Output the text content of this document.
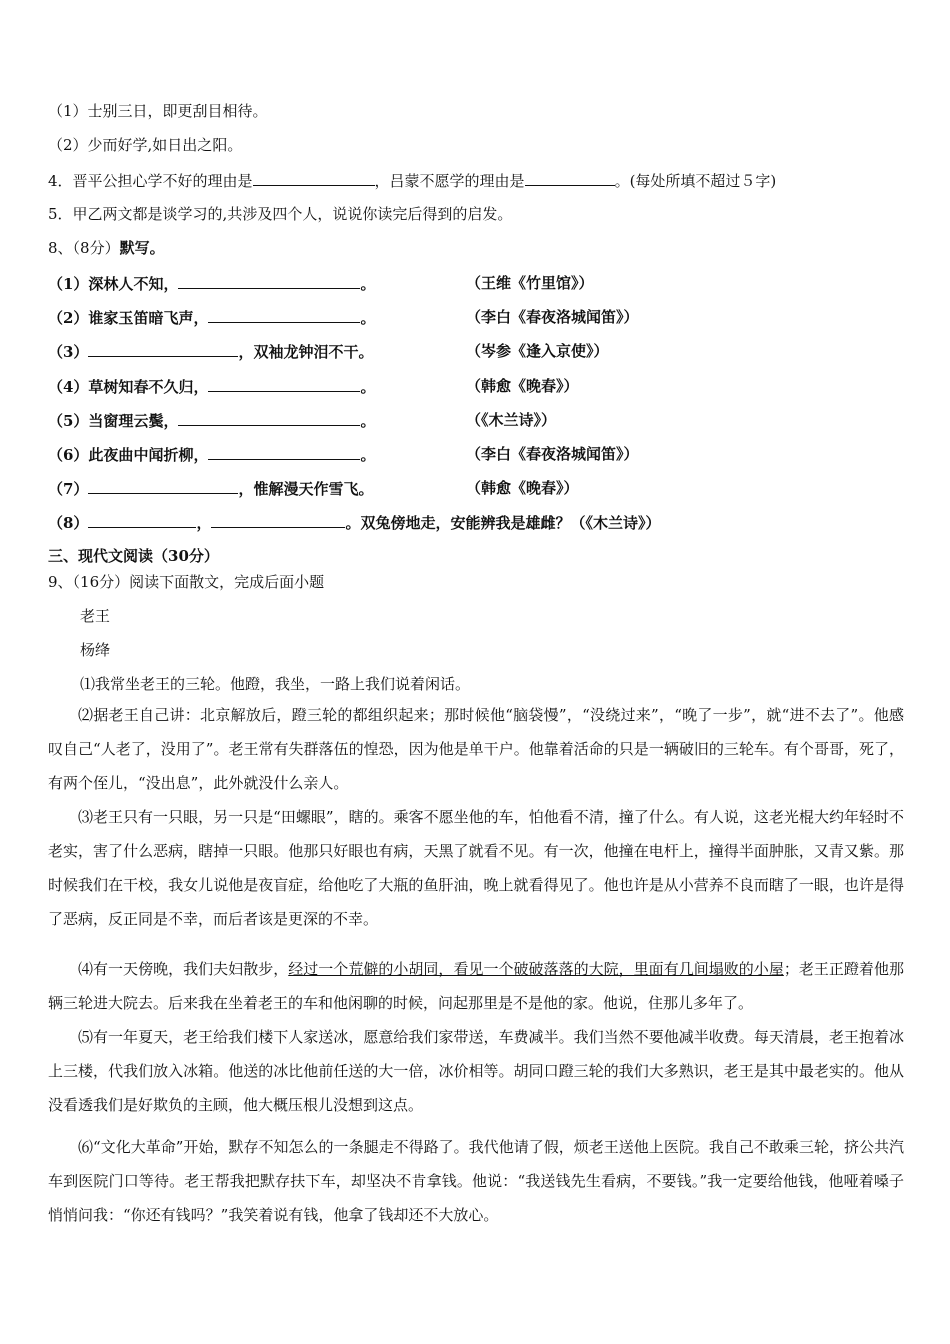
（1）士别三日，即更刮目相待。
（2）少而好学,如日出之阳。
4．晋平公担心学不好的理由是	，吕蒙不愿学的理由是	。(每处所填不超过５字)
5．甲乙两文都是谈学习的,共涉及四个人，说说你读完后得到的启发。
8、（8分）默写。
（1）深林人不知，	。	（王维《竹里馆》）
（2）谁家玉笛暗飞声，	。	（李白《春夜洛城闻笛》）
（3）	，双袖龙钟泪不干。	（岑参《逢入京使》）
（4）草树知春不久归，	。	（韩愈《晚春》）
（5）当窗理云鬓，	。	（《木兰诗》）
（6）此夜曲中闻折柳，	。	（李白《春夜洛城闻笛》）
（7）	，惟解漫天作雪飞。	（韩愈《晚春》）
（8）	，	。双兔傍地走，安能辨我是雄雌？（《木兰诗》）
三、现代文阅读（30分）
9、（16分）阅读下面散文，完成后面小题
老王
杨绛
⑴我常坐老王的三轮。他蹬，我坐，一路上我们说着闲话。
⑵据老王自己讲：北京解放后，蹬三轮的都组织起来；那时候他“脑袋慢”，“没绕过来”，“晚了一步”，就“进不去了”。他感叹自己“人老了，没用了”。老王常有失群落伍的惶恐，因为他是单干户。他靠着活命的只是一辆破旧的三轮车。有个哥哥，死了，有两个侄儿，“没出息”，此外就没什么亲人。
⑶老王只有一只眼，另一只是“田螺眼”，瞎的。乘客不愿坐他的车，怕他看不清，撞了什么。有人说，这老光棍大约年轻时不老实，害了什么恶病，瞎掉一只眼。他那只好眼也有病，天黑了就看不见。有一次，他撞在电杆上，撞得半面肿胀，又青又紫。那时候我们在干校，我女儿说他是夜盲症，给他吃了大瓶的鱼肝油，晚上就看得见了。他也许是从小营养不良而瞎了一眼，也许是得了恶病，反正同是不幸，而后者该是更深的不幸。
⑷有一天傍晚，我们夫妇散步，经过一个荒僻的小胡同，看见一个破破落落的大院，里面有几间塌败的小屋；老王正蹬着他那辆三轮进大院去。后来我在坐着老王的车和他闲聊的时候，问起那里是不是他的家。他说，住那儿多年了。
⑸有一年夏天，老王给我们楼下人家送冰，愿意给我们家带送，车费减半。我们当然不要他减半收费。每天清晨，老王抱着冰上三楼，代我们放入冰箱。他送的冰比他前任送的大一倍，冰价相等。胡同口蹬三轮的我们大多熟识，老王是其中最老实的。他从没看透我们是好欺负的主顾，他大概压根儿没想到这点。
⑹“文化大革命”开始，默存不知怎么的一条腿走不得路了。我代他请了假，烦老王送他上医院。我自己不敢乘三轮，挤公共汽车到医院门口等待。老王帮我把默存扶下车，却坚决不肯拿钱。他说：“我送钱先生看病，不要钱。”我一定要给他钱，他哑着嗓子悄悄问我：“你还有钱吗？”我笑着说有钱，他拿了钱却还不大放心。
